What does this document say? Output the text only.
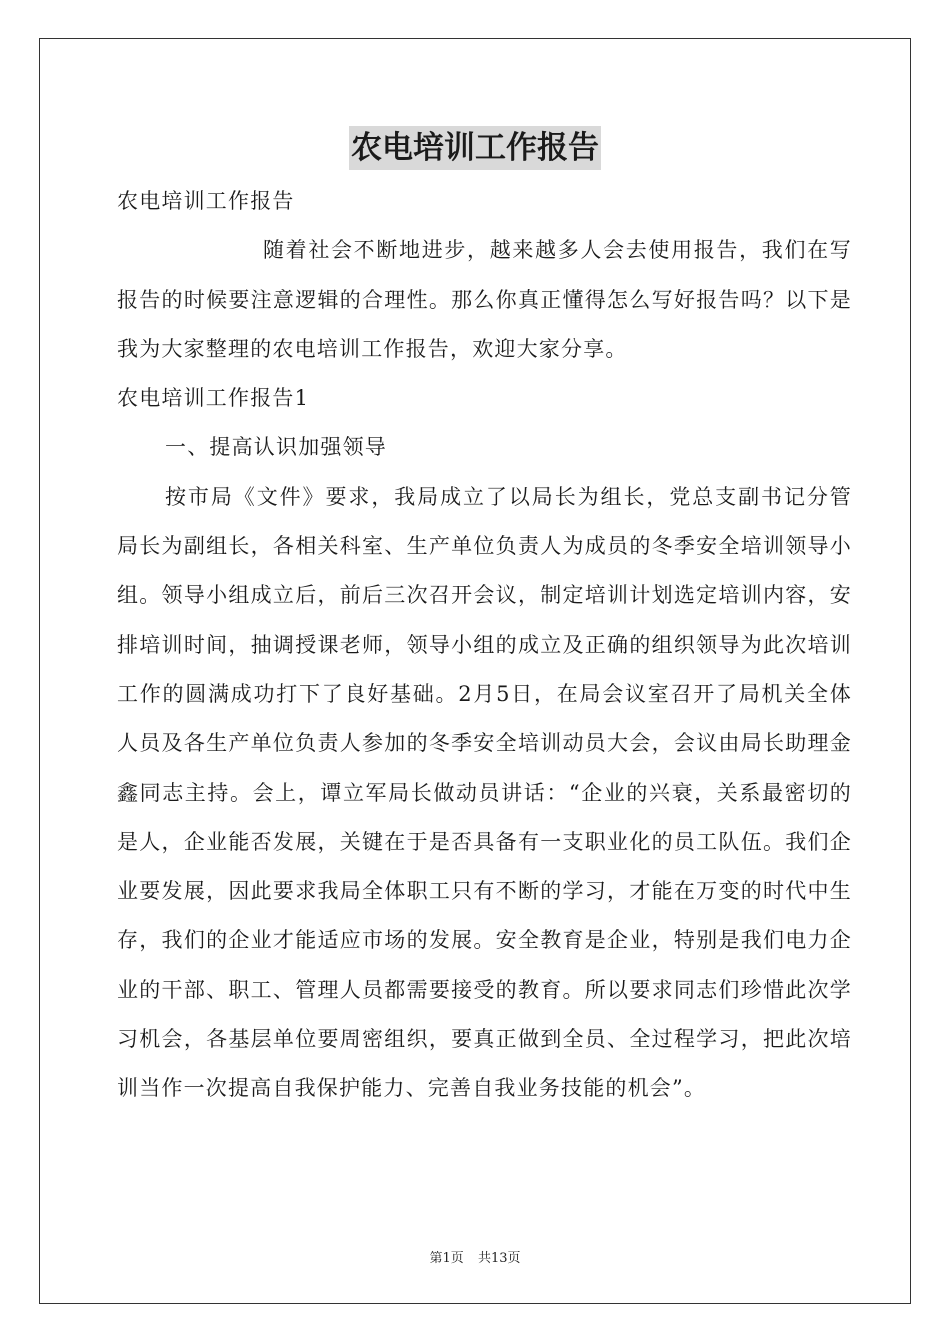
农电培训工作报告

农电培训工作报告

随着社会不断地进步，越来越多人会去使用报告，我们在写报告的时候要注意逻辑的合理性。那么你真正懂得怎么写好报告吗？以下是我为大家整理的农电培训工作报告，欢迎大家分享。

农电培训工作报告1

一、提高认识加强领导

按市局《文件》要求，我局成立了以局长为组长，党总支副书记分管局长为副组长，各相关科室、生产单位负责人为成员的冬季安全培训领导小组。领导小组成立后，前后三次召开会议，制定培训计划选定培训内容，安排培训时间，抽调授课老师，领导小组的成立及正确的组织领导为此次培训工作的圆满成功打下了良好基础。2月5日，在局会议室召开了局机关全体人员及各生产单位负责人参加的冬季安全培训动员大会，会议由局长助理金鑫同志主持。会上，谭立军局长做动员讲话：“企业的兴衰，关系最密切的是人，企业能否发展，关键在于是否具备有一支职业化的员工队伍。我们企业要发展，因此要求我局全体职工只有不断的学习，才能在万变的时代中生存，我们的企业才能适应市场的发展。安全教育是企业，特别是我们电力企业的干部、职工、管理人员都需要接受的教育。所以要求同志们珍惜此次学习机会，各基层单位要周密组织，要真正做到全员、全过程学习，把此次培训当作一次提高自我保护能力、完善自我业务技能的机会”。

第1页 共13页
